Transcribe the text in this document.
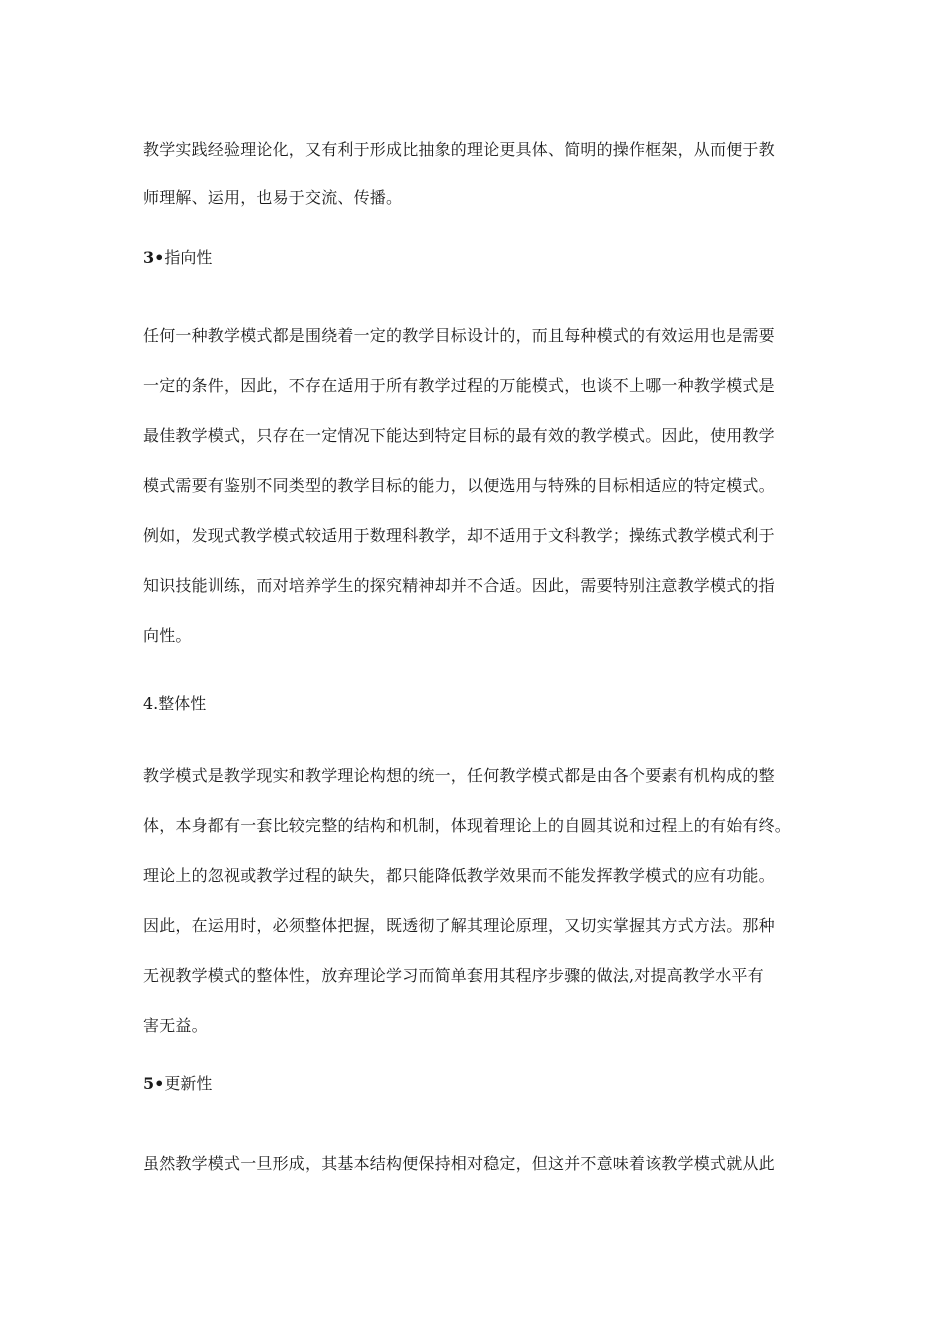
教学实践经验理论化，又有利于形成比抽象的理论更具体、简明的操作框架，从而便于教
师理解、运用，也易于交流、传播。
3•指向性
任何一种教学模式都是围绕着一定的教学目标设计的，而且每种模式的有效运用也是需要
一定的条件，因此，不存在适用于所有教学过程的万能模式，也谈不上哪一种教学模式是
最佳教学模式，只存在一定情况下能达到特定目标的最有效的教学模式。因此，使用教学
模式需要有鉴别不同类型的教学目标的能力，以便选用与特殊的目标相适应的特定模式。
例如，发现式教学模式较适用于数理科教学，却不适用于文科教学；操练式教学模式利于
知识技能训练，而对培养学生的探究精神却并不合适。因此，需要特别注意教学模式的指
向性。
4.整体性
教学模式是教学现实和教学理论构想的统一，任何教学模式都是由各个要素有机构成的整
体，本身都有一套比较完整的结构和机制，体现着理论上的自圆其说和过程上的有始有终。
理论上的忽视或教学过程的缺失，都只能降低教学效果而不能发挥教学模式的应有功能。
因此，在运用时，必须整体把握，既透彻了解其理论原理，又切实掌握其方式方法。那种
无视教学模式的整体性，放弃理论学习而简单套用其程序步骤的做法,对提高教学水平有
害无益。
5•更新性
虽然教学模式一旦形成，其基本结构便保持相对稳定，但这并不意味着该教学模式就从此
